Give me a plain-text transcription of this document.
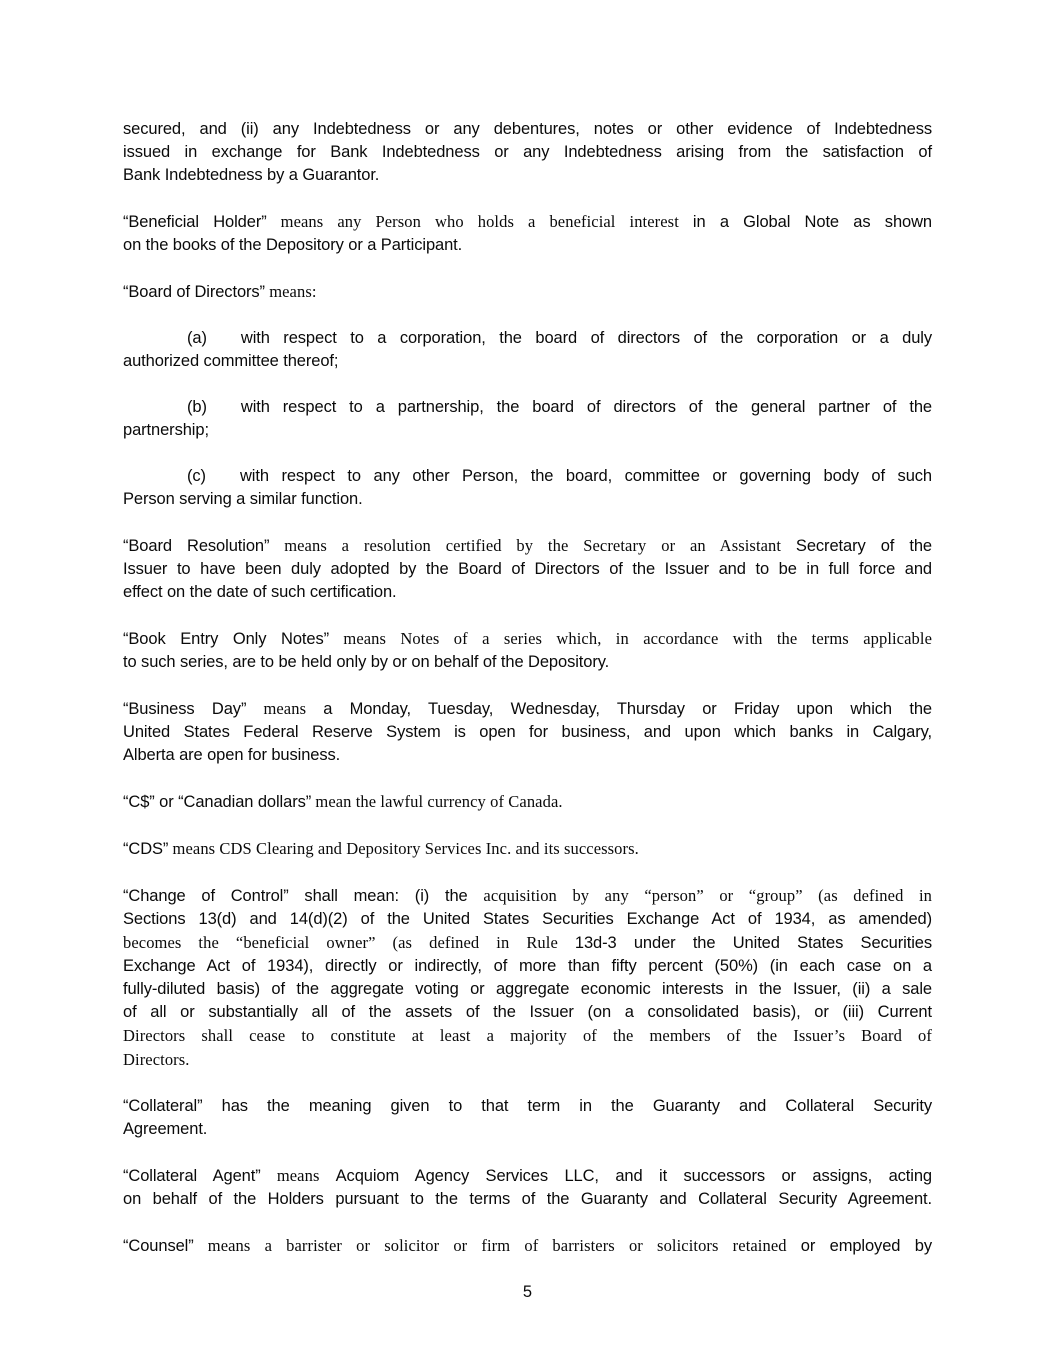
secured, and (ii) any Indebtedness or any debentures, notes or other evidence of Indebtedness
issued in exchange for Bank Indebtedness or any Indebtedness arising from the satisfaction of
Bank Indebtedness by a Guarantor.
“Beneficial Holder” means any Person who holds a beneficial interest in a Global Note as shown
on the books of the Depository or a Participant.
“Board of Directors” means:
(a) with respect to a corporation, the board of directors of the corporation or a duly
authorized committee thereof;
(b) with respect to a partnership, the board of directors of the general partner of the
partnership;
(c) with respect to any other Person, the board, committee or governing body of such
Person serving a similar function.
“Board Resolution” means a resolution certified by the Secretary or an Assistant Secretary of the
Issuer to have been duly adopted by the Board of Directors of the Issuer and to be in full force and
effect on the date of such certification.
“Book Entry Only Notes” means Notes of a series which, in accordance with the terms applicable
to such series, are to be held only by or on behalf of the Depository.
“Business Day” means a Monday, Tuesday, Wednesday, Thursday or Friday upon which the
United States Federal Reserve System is open for business, and upon which banks in Calgary,
Alberta are open for business.
“C$” or “Canadian dollars” mean the lawful currency of Canada.
“CDS” means CDS Clearing and Depository Services Inc. and its successors.
“Change of Control” shall mean: (i) the acquisition by any “person” or “group” (as defined in
Sections 13(d) and 14(d)(2) of the United States Securities Exchange Act of 1934, as amended)
becomes the “beneficial owner” (as defined in Rule 13d-3 under the United States Securities
Exchange Act of 1934), directly or indirectly, of more than fifty percent (50%) (in each case on a
fully-diluted basis) of the aggregate voting or aggregate economic interests in the Issuer, (ii) a sale
of all or substantially all of the assets of the Issuer (on a consolidated basis), or (iii) Current
Directors shall cease to constitute at least a majority of the members of the Issuer’s Board of
Directors.
“Collateral” has the meaning given to that term in the Guaranty and Collateral Security
Agreement.
“Collateral Agent” means Acquiom Agency Services LLC, and it successors or assigns, acting
on behalf of the Holders pursuant to the terms of the Guaranty and Collateral Security Agreement.
“Counsel” means a barrister or solicitor or firm of barristers or solicitors retained or employed by
5
